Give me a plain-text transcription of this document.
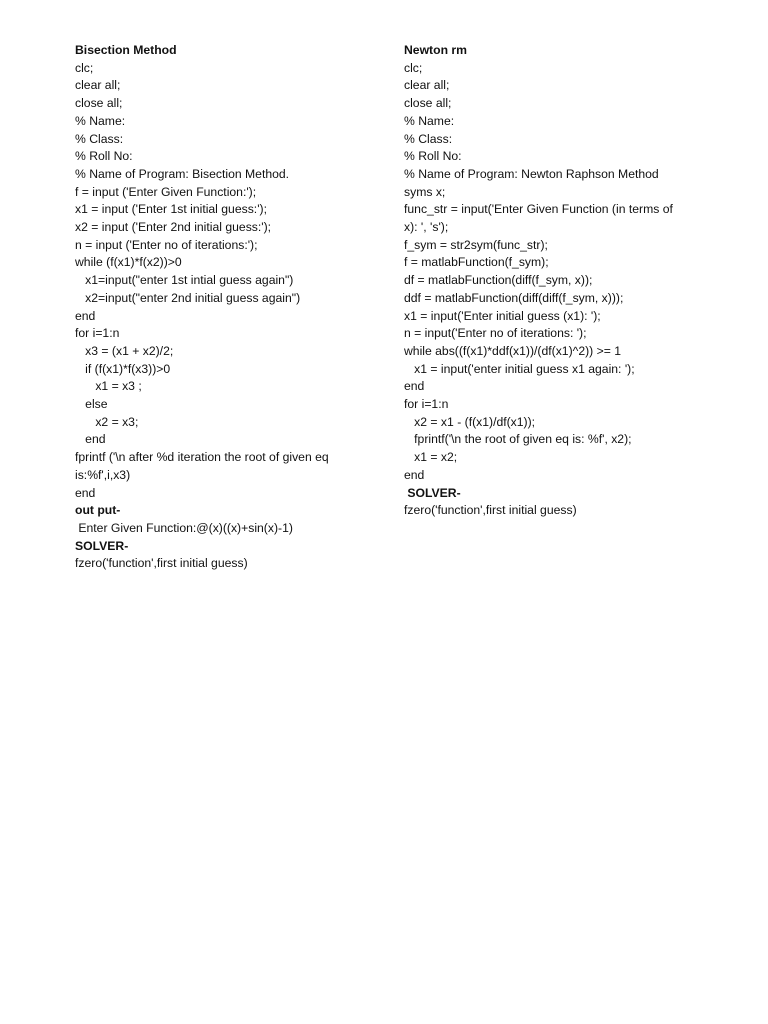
Bisection Method
clc;
clear all;
close all;
% Name:
% Class:
% Roll No:
% Name of Program: Bisection Method.
f = input ('Enter Given Function:');
x1 = input ('Enter 1st initial guess:');
x2 = input ('Enter 2nd initial guess:');
n = input ('Enter no of iterations:');
while (f(x1)*f(x2))>0
x1=input("enter 1st intial guess again")
x2=input("enter 2nd initial guess again")
end
for i=1:n
x3 = (x1 + x2)/2;
if (f(x1)*f(x3))>0
x1 = x3 ;
else
x2 = x3;
end
fprintf ('\n after %d iteration the root of given eq is:%f',i,x3)
end
out put-
Enter Given Function:@(x)((x)+sin(x)-1)
SOLVER-
fzero('function',first initial guess)
Newton rm
clc;
clear all;
close all;
% Name:
% Class:
% Roll No:
% Name of Program: Newton Raphson Method
syms x;
func_str = input('Enter Given Function (in terms of x): ', 's');
f_sym = str2sym(func_str);
f = matlabFunction(f_sym);
df = matlabFunction(diff(f_sym, x));
ddf = matlabFunction(diff(diff(f_sym, x)));
x1 = input('Enter initial guess (x1): ');
n = input('Enter no of iterations: ');
while abs((f(x1)*ddf(x1))/(df(x1)^2)) >= 1
x1 = input('enter initial guess x1 again: ');
end
for i=1:n
x2 = x1 - (f(x1)/df(x1));
fprintf('\n the root of given eq is: %f', x2);
x1 = x2;
end
SOLVER-
fzero('function',first initial guess)
